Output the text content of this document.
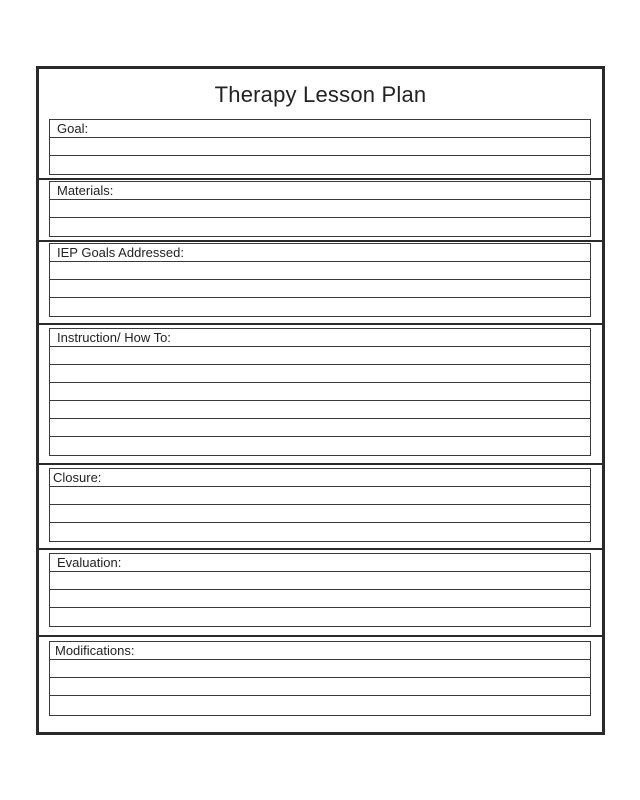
Therapy Lesson Plan
Goal:
Materials:
IEP Goals Addressed:
Instruction/ How To:
Closure:
Evaluation:
Modifications:
